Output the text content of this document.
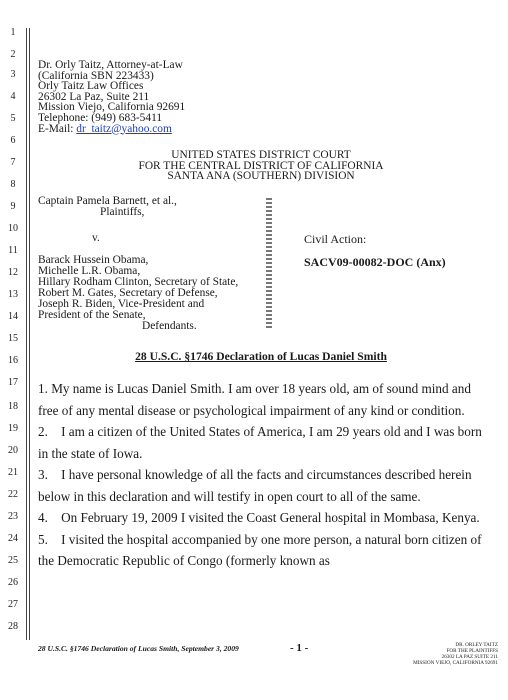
1
2
3
4
5
6
7
8
9
10
11
12
13
14
15
16
17
18
19
20
21
22
23
24
25
26
27
28
Dr. Orly Taitz, Attorney-at-Law
(California SBN 223433)
Orly Taitz Law Offices
26302 La Paz, Suite 211
Mission Viejo, California 92691
Telephone: (949) 683-5411
E-Mail: dr_taitz@yahoo.com
UNITED STATES DISTRICT COURT
FOR THE CENTRAL DISTRICT OF CALIFORNIA
SANTA ANA (SOUTHERN) DIVISION
Captain Pamela Barnett, et al.,
Plaintiffs,
v.
Barack Hussein Obama,
Michelle L.R. Obama,
Hillary Rodham Clinton, Secretary of State,
Robert M. Gates, Secretary of Defense,
Joseph R. Biden, Vice-President and
President of the Senate,
Defendants.
Civil Action:
SACV09-00082-DOC (Anx)
28 U.S.C. §1746 Declaration of Lucas Daniel Smith

1. My name is Lucas Daniel Smith. I am over 18 years old, am of sound mind and free of any mental disease or psychological impairment of any kind or condition.

2.    I am a citizen of the United States of America, I am 29 years old and I was born in the state of Iowa.

3.    I have personal knowledge of all the facts and circumstances described herein below in this declaration and will testify in open court to all of the same.

4.    On February 19, 2009 I visited the Coast General hospital in Mombasa, Kenya.

5.    I visited the hospital accompanied by one more person, a natural born citizen of the Democratic Republic of Congo (formerly known as

28 U.S.C. §1746 Declaration of Lucas Smith, September 3, 2009	- 1 -	DR. ORLEY TAITZ
FOR THE PLAINTIFFS
26302 LA PAZ SUITE 211
MISSION VIEJO, CALIFORNIA 92691
